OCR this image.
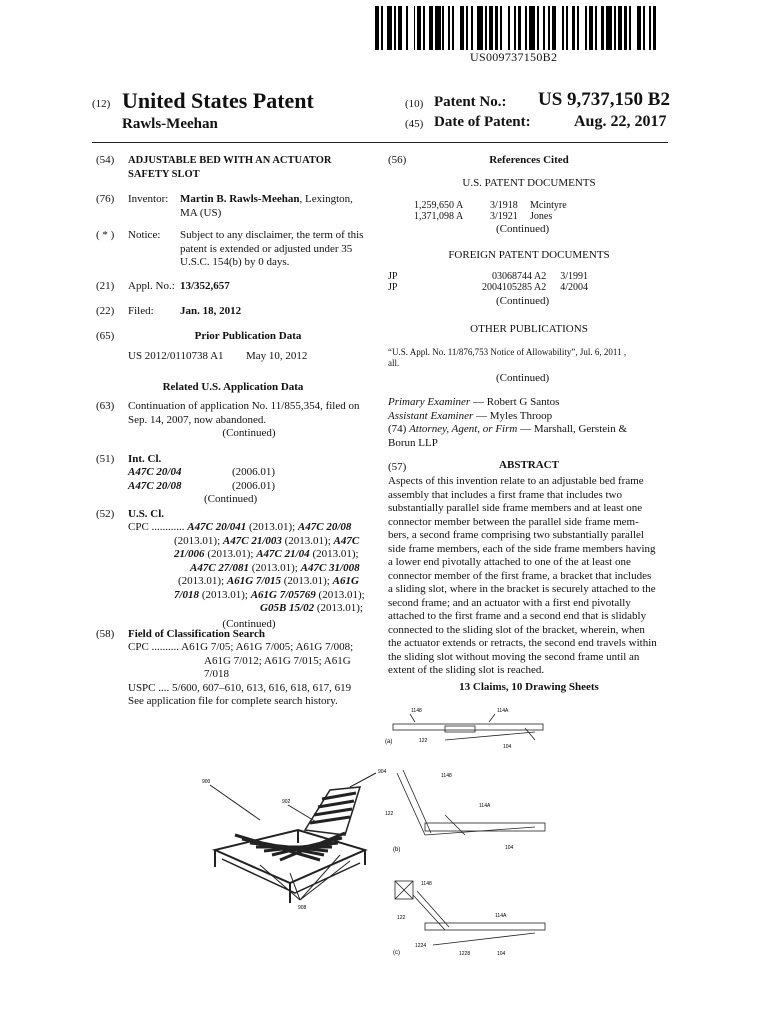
US009737150B2
(12) United States Patent
Rawls-Meehan
(10) Patent No.: US 9,737,150 B2
(45) Date of Patent:	Aug. 22, 2017
(54) ADJUSTABLE BED WITH AN ACTUATOR
SAFETY SLOT
(76) Inventor: Martin B. Rawls-Meehan, Lexington,
MA (US)
( * ) Notice: Subject to any disclaimer, the term of this
patent is extended or adjusted under 35
U.S.C. 154(b) by 0 days.
(21) Appl. No.: 13/352,657
(22) Filed: Jan. 18, 2012
(65)	Prior Publication Data
US 2012/0110738 A1 May 10, 2012
Related U.S. Application Data
(63) Continuation of application No. 11/855,354, filed on
Sep. 14, 2007, now abandoned.
(Continued)
(51) Int. Cl.
A47C 20/04	(2006.01)
A47C 20/08	(2006.01)
(Continued)
(52) U.S. Cl.
CPC ............ A47C 20/041 (2013.01); A47C 20/08
(2013.01); A47C 21/003 (2013.01); A47C
21/006 (2013.01); A47C 21/04 (2013.01);
A47C 27/081 (2013.01); A47C 31/008
(2013.01); A61G 7/015 (2013.01); A61G
7/018 (2013.01); A61G 7/05769 (2013.01);
G05B 15/02 (2013.01);
(Continued)
(58) Field of Classification Search
CPC .......... A61G 7/05; A61G 7/005; A61G 7/008;
A61G 7/012; A61G 7/015; A61G 7/018
USPC .... 5/600, 607–610, 613, 616, 618, 617, 619
See application file for complete search history.
(56)	References Cited
U.S. PATENT DOCUMENTS
1,259,650 A	3/1918	Mcintyre
1,371,098 A	3/1921	Jones
(Continued)
FOREIGN PATENT DOCUMENTS
JP	03068744 A2	3/1991
JP	2004105285 A2	4/2004
(Continued)
OTHER PUBLICATIONS
“U.S. Appl. No. 11/876,753 Notice of Allowability”, Jul. 6, 2011 ,
all.
(Continued)
Primary Examiner — Robert G Santos
Assistant Examiner — Myles Throop
(74) Attorney, Agent, or Firm — Marshall, Gerstein &
Borun LLP
(57)	ABSTRACT
Aspects of this invention relate to an adjustable bed frame
assembly that includes a first frame that includes two
substantially parallel side frame members and at least one
connector member between the parallel side frame mem-
bers, a second frame comprising two substantially parallel
side frame members, each of the side frame members having
a lower end pivotally attached to one of the at least one
connector member of the first frame, a bracket that includes
a sliding slot, where in the bracket is securely attached to the
second frame; and an actuator with a first end pivotally
attached to the first frame and a second end that is slidably
connected to the sliding slot of the bracket, wherein, when
the actuator extends or retracts, the second end travels within
the sliding slot without moving the second frame until an
extent of the sliding slot is reached.
13 Claims, 10 Drawing Sheets
900
902
904
908
(a)
1148	114A
122
104
(b)
1148
114A
122
104
(c)
1148
114A
122
1224
1228	104
